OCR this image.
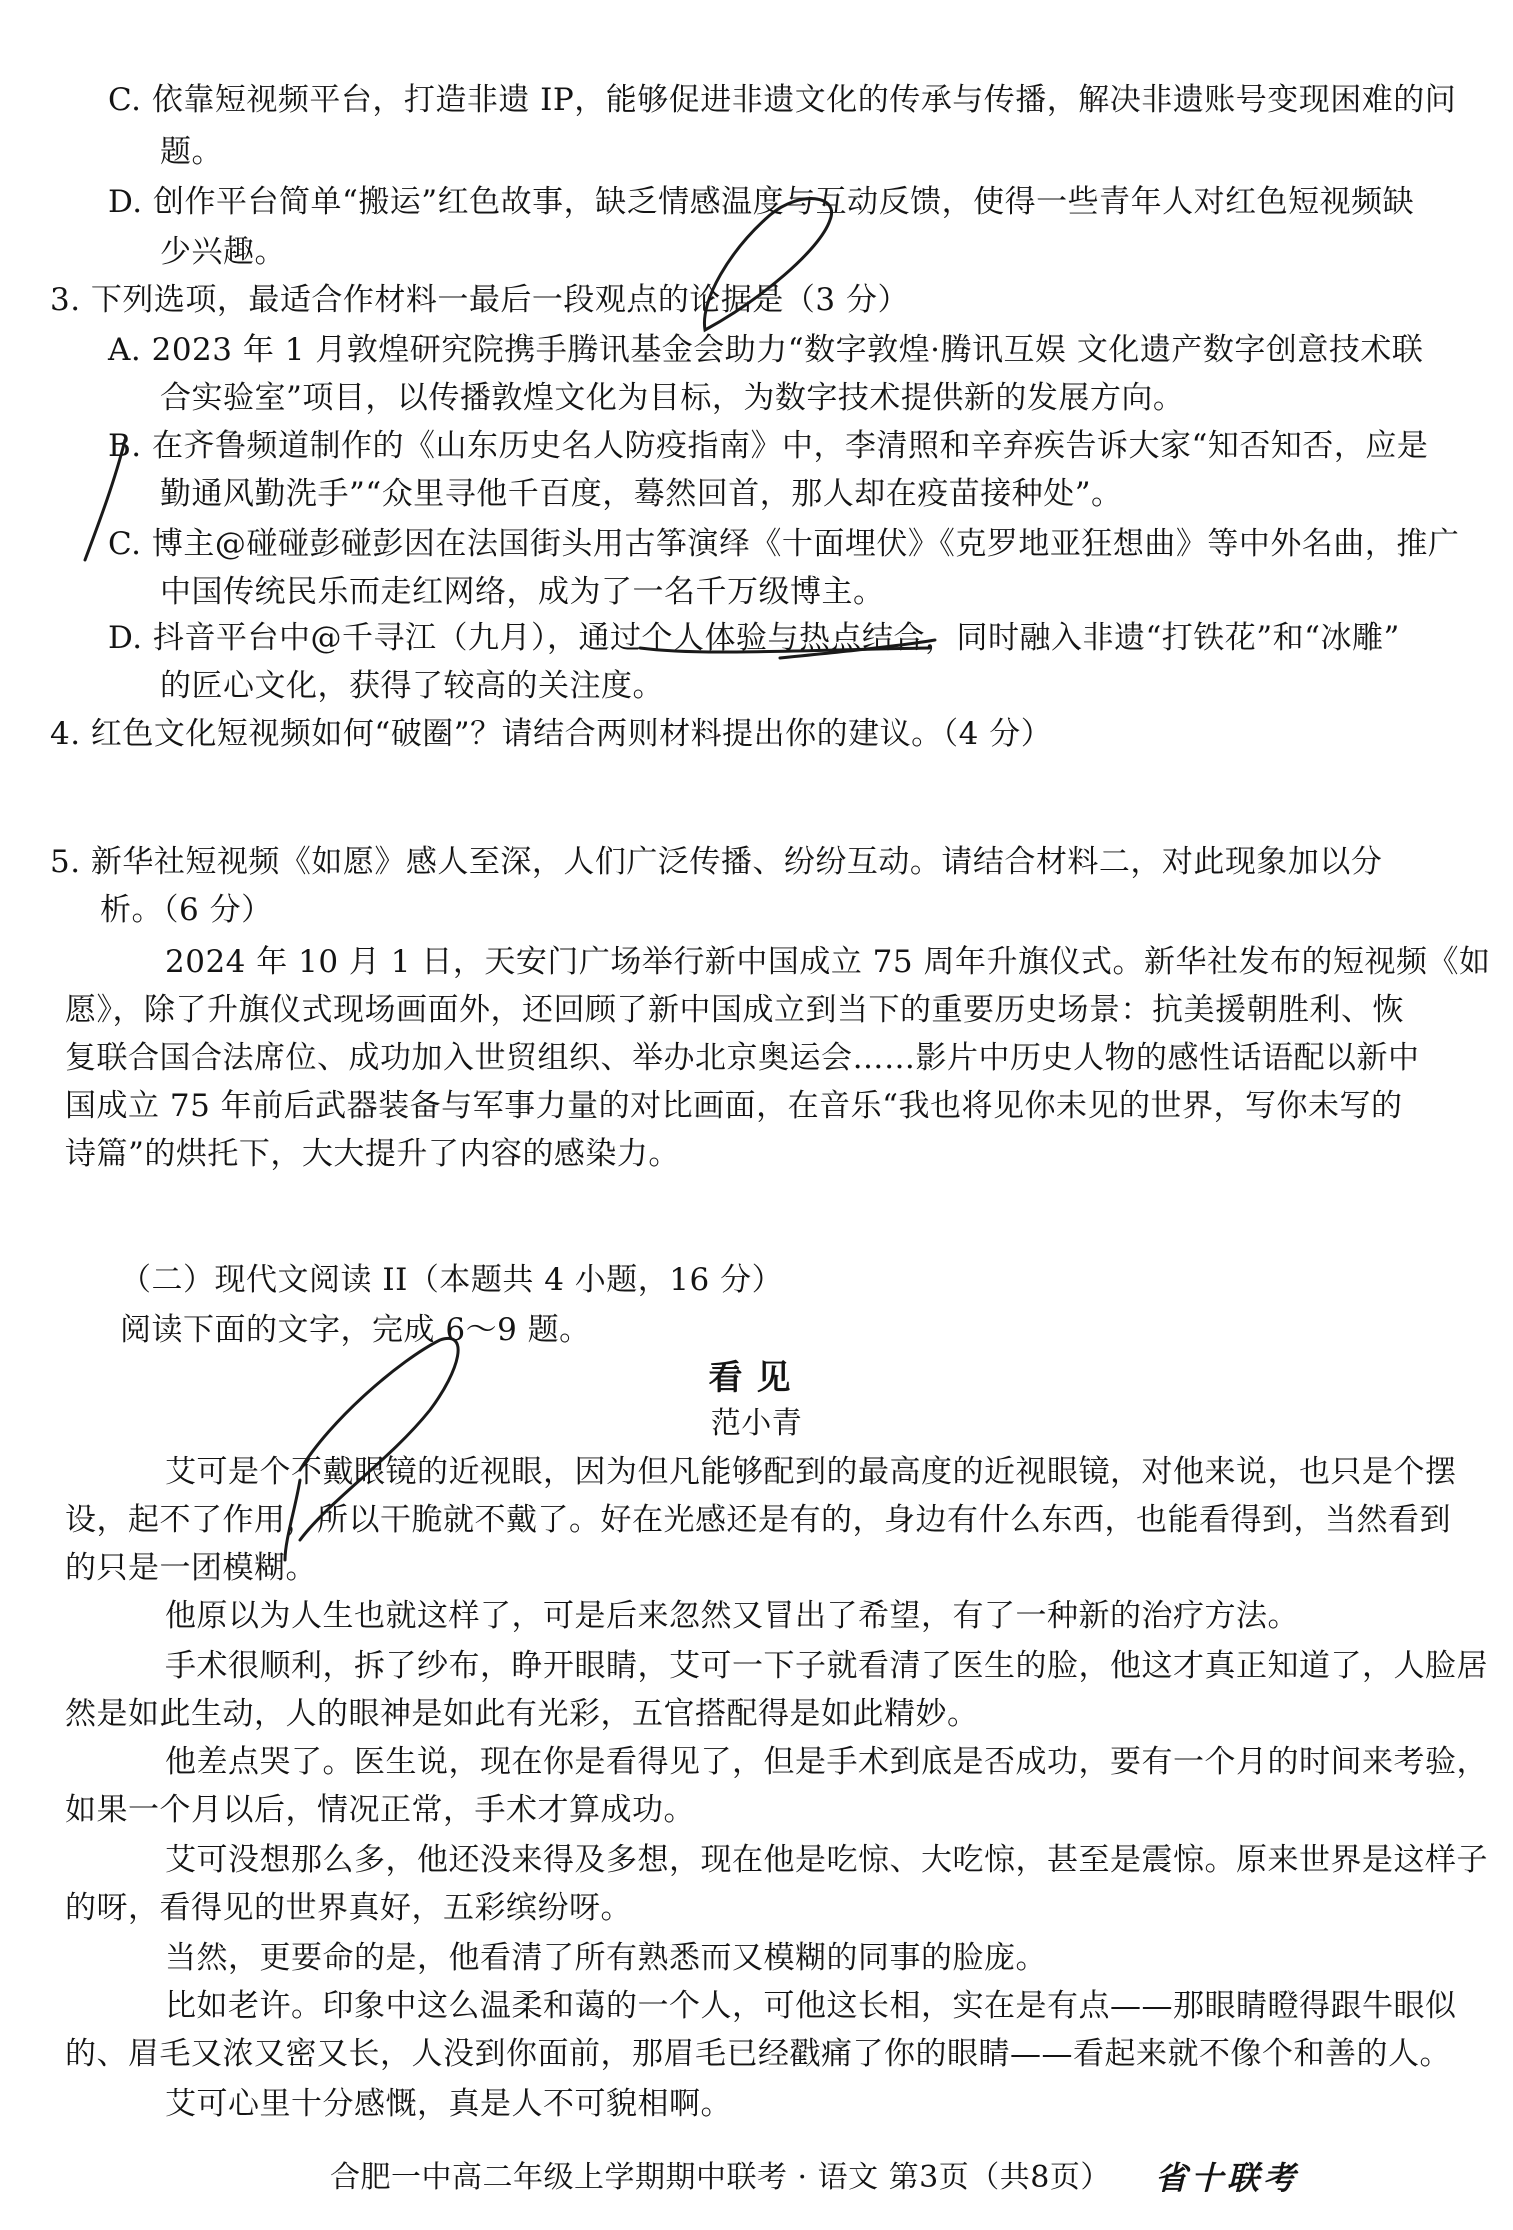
C. 依靠短视频平台，打造非遗 IP，能够促进非遗文化的传承与传播，解决非遗账号变现困难的问
题。
D. 创作平台简单“搬运”红色故事，缺乏情感温度与互动反馈，使得一些青年人对红色短视频缺
少兴趣。
3. 下列选项，最适合作材料一最后一段观点的论据是（3 分）
A. 2023 年 1 月敦煌研究院携手腾讯基金会助力“数字敦煌·腾讯互娱 文化遗产数字创意技术联
合实验室”项目，以传播敦煌文化为目标，为数字技术提供新的发展方向。
B. 在齐鲁频道制作的《山东历史名人防疫指南》中，李清照和辛弃疾告诉大家“知否知否，应是
勤通风勤洗手”“众里寻他千百度，蓦然回首，那人却在疫苗接种处”。
C. 博主@碰碰彭碰彭因在法国街头用古筝演绎《十面埋伏》《克罗地亚狂想曲》等中外名曲，推广
中国传统民乐而走红网络，成为了一名千万级博主。
D. 抖音平台中@千寻江（九月），通过个人体验与热点结合，同时融入非遗“打铁花”和“冰雕”
的匠心文化，获得了较高的关注度。
4. 红色文化短视频如何“破圈”？请结合两则材料提出你的建议。（4 分）
5. 新华社短视频《如愿》感人至深，人们广泛传播、纷纷互动。请结合材料二，对此现象加以分
析。（6 分）
2024 年 10 月 1 日，天安门广场举行新中国成立 75 周年升旗仪式。新华社发布的短视频《如
愿》，除了升旗仪式现场画面外，还回顾了新中国成立到当下的重要历史场景：抗美援朝胜利、恢
复联合国合法席位、成功加入世贸组织、举办北京奥运会……影片中历史人物的感性话语配以新中
国成立 75 年前后武器装备与军事力量的对比画面，在音乐“我也将见你未见的世界，写你未写的
诗篇”的烘托下，大大提升了内容的感染力。
（二）现代文阅读 II（本题共 4 小题，16 分）
阅读下面的文字，完成 6～9 题。
看见
范小青
艾可是个不戴眼镜的近视眼，因为但凡能够配到的最高度的近视眼镜，对他来说，也只是个摆
设，起不了作用，所以干脆就不戴了。好在光感还是有的，身边有什么东西，也能看得到，当然看到
的只是一团模糊。
他原以为人生也就这样了，可是后来忽然又冒出了希望，有了一种新的治疗方法。
手术很顺利，拆了纱布，睁开眼睛，艾可一下子就看清了医生的脸，他这才真正知道了，人脸居
然是如此生动，人的眼神是如此有光彩，五官搭配得是如此精妙。
他差点哭了。医生说，现在你是看得见了，但是手术到底是否成功，要有一个月的时间来考验，
如果一个月以后，情况正常，手术才算成功。
艾可没想那么多，他还没来得及多想，现在他是吃惊、大吃惊，甚至是震惊。原来世界是这样子
的呀，看得见的世界真好，五彩缤纷呀。
当然，更要命的是，他看清了所有熟悉而又模糊的同事的脸庞。
比如老许。印象中这么温柔和蔼的一个人，可他这长相，实在是有点——那眼睛瞪得跟牛眼似
的、眉毛又浓又密又长，人没到你面前，那眉毛已经戳痛了你的眼睛——看起来就不像个和善的人。
艾可心里十分感慨，真是人不可貌相啊。
合肥一中高二年级上学期期中联考 · 语文 第3页（共8页） 省十联考
